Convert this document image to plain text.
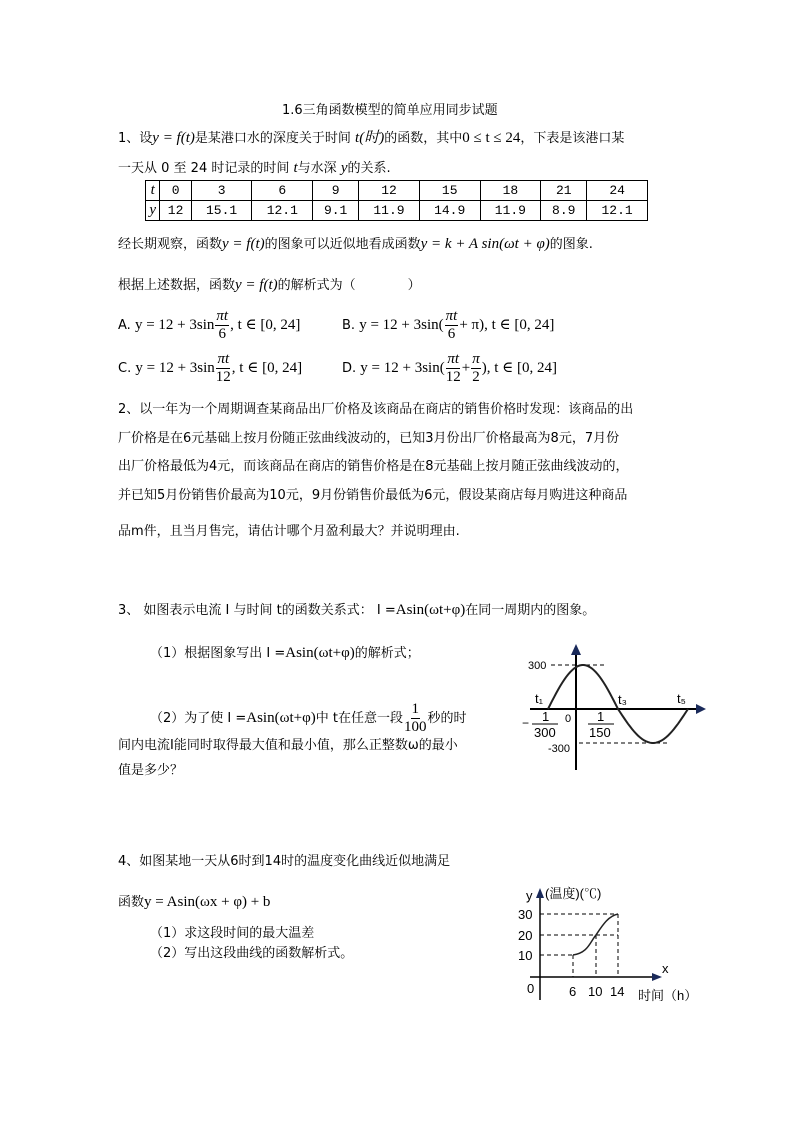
1.6三角函数模型的简单应用同步试题
1、设y = f(t)是某港口水的深度关于时间 t(时)的函数，其中0 ≤ t ≤ 24，下表是该港口某
一天从 0 至 24 时记录的时间 t与水深 y的关系.
t	0	3	6	9	12	15	18	21	24
y	12	15.1	12.1	9.1	11.9	14.9	11.9	8.9	12.1
经长期观察，函数y = f(t)的图象可以近似地看成函数y = k + A sin(ωt + φ)的图象.
根据上述数据，函数y = f(t)的解析式为（　　　　）
A. $y = 12 + 3\sin \frac{\pi t}{6}$ , t ∈ [0, 24]	B. $y = 12 + 3\sin( \frac{\pi t}{6} + \pi)$, t ∈ [0, 24]
C. $y = 12 + 3\sin \frac{\pi t}{12}$ , t ∈ [0, 24]	D. $y = 12 + 3\sin( \frac{\pi t}{12} + \frac{\pi}{2}$ ), t ∈ [0, 24]
2、以一年为一个周期调查某商品出厂价格及该商品在商店的销售价格时发现：该商品的出
厂价格是在6元基础上按月份随正弦曲线波动的，已知3月份出厂价格最高为8元，7月份
出厂价格最低为4元，而该商品在商店的销售价格是在8元基础上按月随正弦曲线波动的，
并已知5月份销售价最高为10元，9月份销售价最低为6元，假设某商店每月购进这种商品
品m件，且当月售完，请估计哪个月盈利最大？并说明理由.
3、 如图表示电流 I 与时间 t的函数关系式： I =Asin(ωt+φ)在同一周期内的图象。
（1）根据图象写出 I =Asin(ωt+φ)的解析式；
（2）为了使 I =Asin(ωt+φ)中 t在任意一段 $\frac{1}{100}$ 秒的时
间内电流I能同时取得最大值和最小值，那么正整数ω的最小
值是多少？
300
-300
0
t₁	t₃	t₅
− 1
300
1
150
y (温度)(℃)
30
20
10
0	6 10 14
x
时间（h）
4、如图某地一天从6时到14时的温度变化曲线近似地满足
函数y = Asin(ωx + φ) + b
（1）求这段时间的最大温差
（2）写出这段曲线的函数解析式。
